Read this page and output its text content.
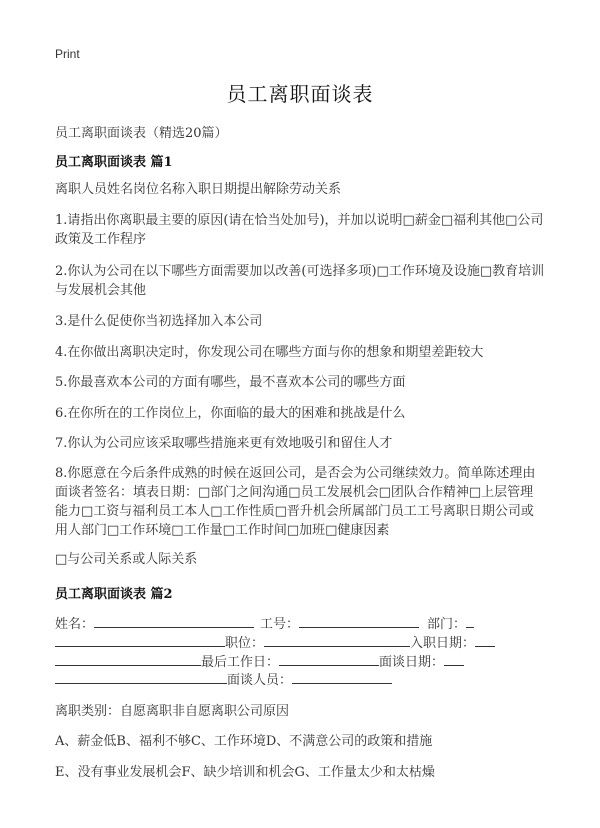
Print
员工离职面谈表
员工离职面谈表（精选20篇）
员工离职面谈表 篇1
离职人员姓名岗位名称入职日期提出解除劳动关系
1.请指出你离职最主要的原因(请在恰当处加号)，并加以说明□薪金□福利其他□公司政策及工作程序
2.你认为公司在以下哪些方面需要加以改善(可选择多项)□工作环境及设施□教育培训与发展机会其他
3.是什么促使你当初选择加入本公司
4.在你做出离职决定时，你发现公司在哪些方面与你的想象和期望差距较大
5.你最喜欢本公司的方面有哪些，最不喜欢本公司的哪些方面
6.在你所在的工作岗位上，你面临的最大的困难和挑战是什么
7.你认为公司应该采取哪些措施来更有效地吸引和留住人才
8.你愿意在今后条件成熟的时候在返回公司，是否会为公司继续效力。简单陈述理由面谈者签名：填表日期：□部门之间沟通□员工发展机会□团队合作精神□上层管理能力□工资与福利员工本人□工作性质□晋升机会所属部门员工工号离职日期公司或用人部门□工作环境□工作量□工作时间□加班□健康因素
□与公司关系或人际关系
员工离职面谈表 篇2
姓名：	工号：	部门：
职位：	入职日期：
最后工作日：	面谈日期：
面谈人员：
离职类别：自愿离职非自愿离职公司原因
A、薪金低B、福利不够C、工作环境D、不满意公司的政策和措施
E、没有事业发展机会F、缺少培训和机会G、工作量太少和太枯燥
